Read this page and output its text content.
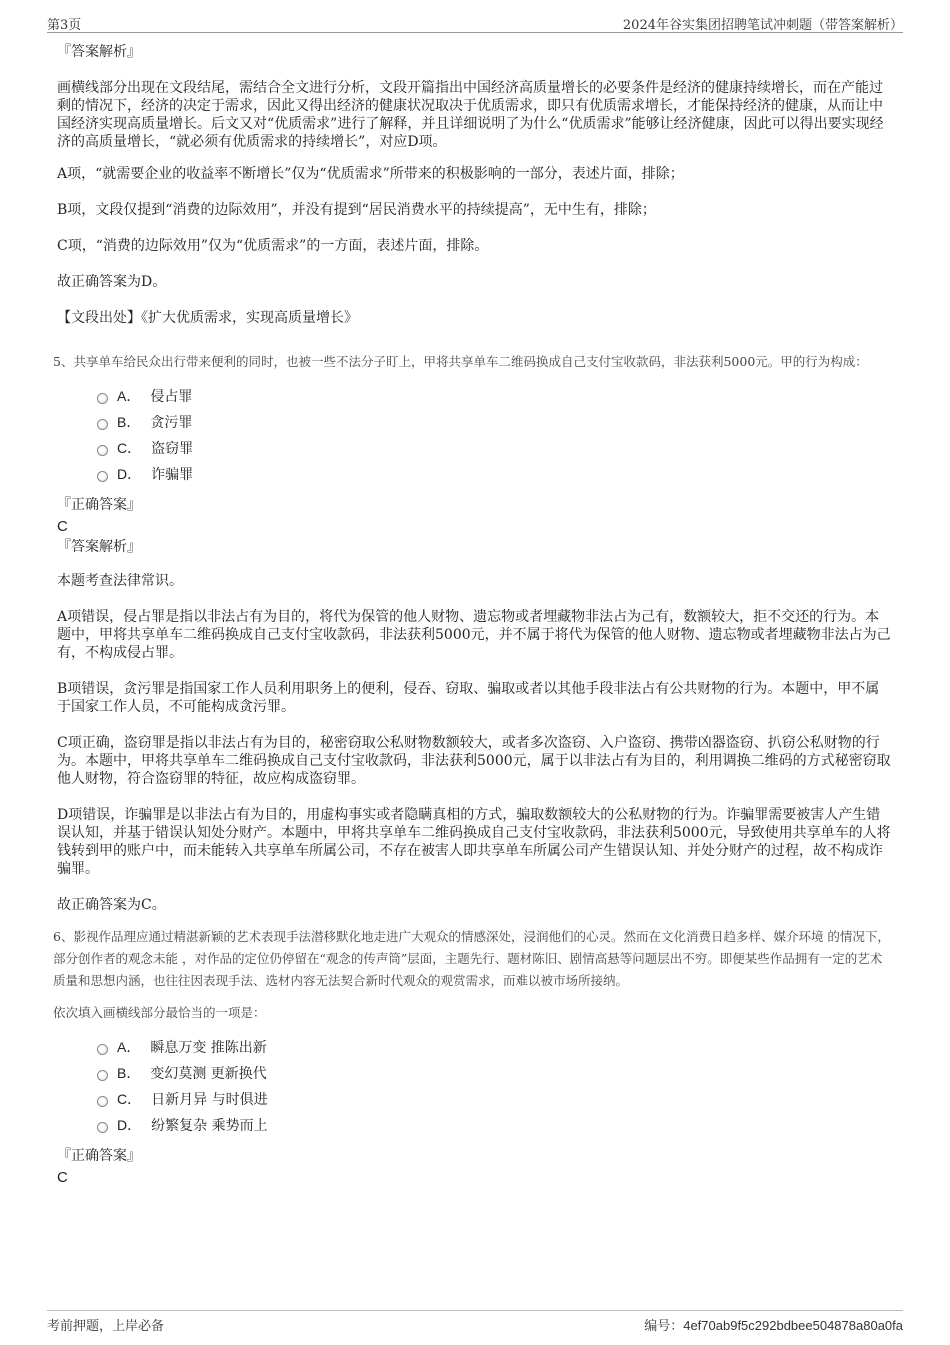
第3页	2024年谷实集团招聘笔试冲刺题（带答案解析）

『答案解析』

画横线部分出现在文段结尾，需结合全文进行分析，文段开篇指出中国经济高质量增长的必要条件是经济的健康持续增长，而在产能过剩的情况下，经济的决定于需求，因此又得出经济的健康状况取决于优质需求，即只有优质需求增长，才能保持经济的健康，从而让中国经济实现高质量增长。后文又对“优质需求”进行了解释，并且详细说明了为什么“优质需求”能够让经济健康，因此可以得出要实现经济的高质量增长，“就必须有优质需求的持续增长”，对应D项。

A项，“就需要企业的收益率不断增长”仅为“优质需求”所带来的积极影响的一部分，表述片面，排除；

B项，文段仅提到“消费的边际效用”，并没有提到“居民消费水平的持续提高”，无中生有，排除；

C项，“消费的边际效用”仅为“优质需求”的一方面，表述片面，排除。

故正确答案为D。

【文段出处】《扩大优质需求，实现高质量增长》

5、共享单车给民众出行带来便利的同时，也被一些不法分子盯上，甲将共享单车二维码换成自己支付宝收款码，非法获利5000元。甲的行为构成：

A． 侵占罪
B． 贪污罪
C． 盗窃罪
D． 诈骗罪

『正确答案』

C

『答案解析』

本题考查法律常识。

A项错误，侵占罪是指以非法占有为目的，将代为保管的他人财物、遗忘物或者埋藏物非法占为己有，数额较大，拒不交还的行为。本题中，甲将共享单车二维码换成自己支付宝收款码，非法获利5000元，并不属于将代为保管的他人财物、遗忘物或者埋藏物非法占为己有，不构成侵占罪。

B项错误，贪污罪是指国家工作人员利用职务上的便利，侵吞、窃取、骗取或者以其他手段非法占有公共财物的行为。本题中，甲不属于国家工作人员，不可能构成贪污罪。

C项正确，盗窃罪是指以非法占有为目的，秘密窃取公私财物数额较大，或者多次盗窃、入户盗窃、携带凶器盗窃、扒窃公私财物的行为。本题中，甲将共享单车二维码换成自己支付宝收款码，非法获利5000元，属于以非法占有为目的，利用调换二维码的方式秘密窃取他人财物，符合盗窃罪的特征，故应构成盗窃罪。

D项错误，诈骗罪是以非法占有为目的，用虚构事实或者隐瞒真相的方式，骗取数额较大的公私财物的行为。诈骗罪需要被害人产生错误认知，并基于错误认知处分财产。本题中，甲将共享单车二维码换成自己支付宝收款码，非法获利5000元，导致使用共享单车的人将钱转到甲的账户中，而未能转入共享单车所属公司，不存在被害人即共享单车所属公司产生错误认知、并处分财产的过程，故不构成诈骗罪。

故正确答案为C。

6、影视作品理应通过精湛新颖的艺术表现手法潜移默化地走进广大观众的情感深处，浸润他们的心灵。然而在文化消费日趋多样、媒介环境 的情况下，部分创作者的观念未能 ，对作品的定位仍停留在“观念的传声筒”层面，主题先行、题材陈旧、剧情高悬等问题层出不穷。即便某些作品拥有一定的艺术质量和思想内涵，也往往因表现手法、选材内容无法契合新时代观众的观赏需求，而难以被市场所接纳。

依次填入画横线部分最恰当的一项是：

A． 瞬息万变 推陈出新
B． 变幻莫测 更新换代
C． 日新月异 与时俱进
D． 纷繁复杂 乘势而上

『正确答案』

C

考前押题，上岸必备	编号：4ef70ab9f5c292bdbee504878a80a0fa
